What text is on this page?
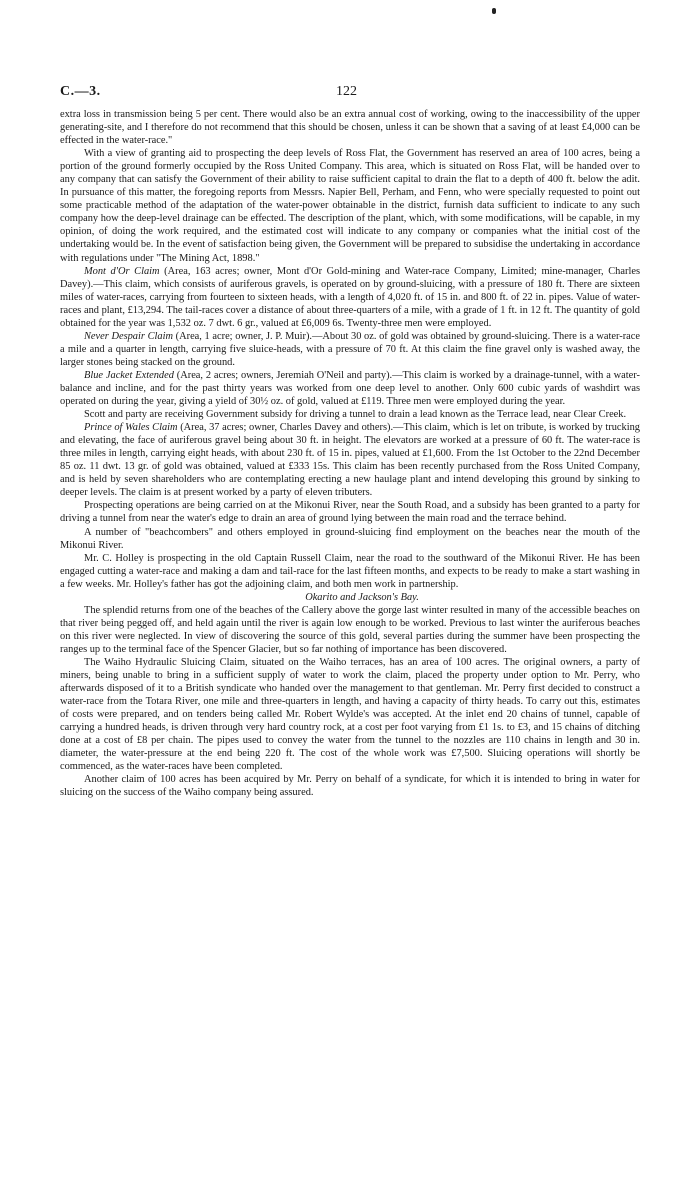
C.—3.	122

extra loss in transmission being 5 per cent. There would also be an extra annual cost of working, owing to the inaccessibility of the upper generating-site, and I therefore do not recommend that this should be chosen, unless it can be shown that a saving of at least £4,000 can be effected in the water-race."

With a view of granting aid to prospecting the deep levels of Ross Flat, the Government has reserved an area of 100 acres, being a portion of the ground formerly occupied by the Ross United Company. This area, which is situated on Ross Flat, will be handed over to any company that can satisfy the Government of their ability to raise sufficient capital to drain the flat to a depth of 400 ft. below the adit. In pursuance of this matter, the foregoing reports from Messrs. Napier Bell, Perham, and Fenn, who were specially requested to point out some practicable method of the adaptation of the water-power obtainable in the district, furnish data sufficient to indicate to any such company how the deep-level drainage can be effected. The description of the plant, which, with some modifications, will be capable, in my opinion, of doing the work required, and the estimated cost will indicate to any company or companies what the initial cost of the undertaking would be. In the event of satisfaction being given, the Government will be prepared to subsidise the undertaking in accordance with regulations under "The Mining Act, 1898."

Mont d'Or Claim (Area, 163 acres; owner, Mont d'Or Gold-mining and Water-race Company, Limited; mine-manager, Charles Davey).—This claim, which consists of auriferous gravels, is operated on by ground-sluicing, with a pressure of 180 ft. There are sixteen miles of water-races, carrying from fourteen to sixteen heads, with a length of 4,020 ft. of 15 in. and 800 ft. of 22 in. pipes. Value of water-races and plant, £13,294. The tail-races cover a distance of about three-quarters of a mile, with a grade of 1 ft. in 12 ft. The quantity of gold obtained for the year was 1,532 oz. 7 dwt. 6 gr., valued at £6,009 6s. Twenty-three men were employed.

Never Despair Claim (Area, 1 acre; owner, J. P. Muir).—About 30 oz. of gold was obtained by ground-sluicing. There is a water-race a mile and a quarter in length, carrying five sluice-heads, with a pressure of 70 ft. At this claim the fine gravel only is washed away, the larger stones being stacked on the ground.

Blue Jacket Extended (Area, 2 acres; owners, Jeremiah O'Neil and party).—This claim is worked by a drainage-tunnel, with a water-balance and incline, and for the past thirty years was worked from one deep level to another. Only 600 cubic yards of washdirt was operated on during the year, giving a yield of 30½ oz. of gold, valued at £119. Three men were employed during the year.

Scott and party are receiving Government subsidy for driving a tunnel to drain a lead known as the Terrace lead, near Clear Creek.

Prince of Wales Claim (Area, 37 acres; owner, Charles Davey and others).—This claim, which is let on tribute, is worked by trucking and elevating, the face of auriferous gravel being about 30 ft. in height. The elevators are worked at a pressure of 60 ft. The water-race is three miles in length, carrying eight heads, with about 230 ft. of 15 in. pipes, valued at £1,600. From the 1st October to the 22nd December 85 oz. 11 dwt. 13 gr. of gold was obtained, valued at £333 15s. This claim has been recently purchased from the Ross United Company, and is held by seven shareholders who are contemplating erecting a new haulage plant and intend developing this ground by sinking to deeper levels. The claim is at present worked by a party of eleven tributers.

Prospecting operations are being carried on at the Mikonui River, near the South Road, and a subsidy has been granted to a party for driving a tunnel from near the water's edge to drain an area of ground lying between the main road and the terrace behind.

A number of "beachcombers" and others employed in ground-sluicing find employment on the beaches near the mouth of the Mikonui River.

Mr. C. Holley is prospecting in the old Captain Russell Claim, near the road to the southward of the Mikonui River. He has been engaged cutting a water-race and making a dam and tail-race for the last fifteen months, and expects to be ready to make a start washing in a few weeks. Mr. Holley's father has got the adjoining claim, and both men work in partnership.

Okarito and Jackson's Bay.

The splendid returns from one of the beaches of the Callery above the gorge last winter resulted in many of the accessible beaches on that river being pegged off, and held again until the river is again low enough to be worked. Previous to last winter the auriferous beaches on this river were neglected. In view of discovering the source of this gold, several parties during the summer have been prospecting the ranges up to the terminal face of the Spencer Glacier, but so far nothing of importance has been discovered.

The Waiho Hydraulic Sluicing Claim, situated on the Waiho terraces, has an area of 100 acres. The original owners, a party of miners, being unable to bring in a sufficient supply of water to work the claim, placed the property under option to Mr. Perry, who afterwards disposed of it to a British syndicate who handed over the management to that gentleman. Mr. Perry first decided to construct a water-race from the Totara River, one mile and three-quarters in length, and having a capacity of thirty heads. To carry out this, estimates of costs were prepared, and on tenders being called Mr. Robert Wylde's was accepted. At the inlet end 20 chains of tunnel, capable of carrying a hundred heads, is driven through very hard country rock, at a cost per foot varying from £1 1s. to £3, and 15 chains of ditching done at a cost of £8 per chain. The pipes used to convey the water from the tunnel to the nozzles are 110 chains in length and 30 in. diameter, the water-pressure at the end being 220 ft. The cost of the whole work was £7,500. Sluicing operations will shortly be commenced, as the water-races have been completed.

Another claim of 100 acres has been acquired by Mr. Perry on behalf of a syndicate, for which it is intended to bring in water for sluicing on the success of the Waiho company being assured.
